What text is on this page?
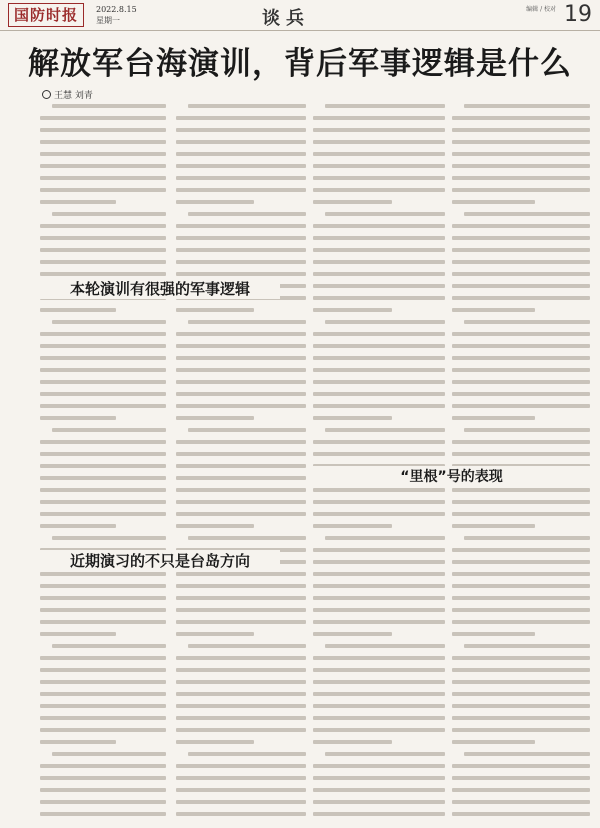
国防时报	2022.8.15
星期一	谈兵	编辑 / 校对 19
解放军台海演训，背后军事逻辑是什么
王慧 刘青
本轮演训有很强的军事逻辑
近期演习的不只是台岛方向
“里根”号的表现
